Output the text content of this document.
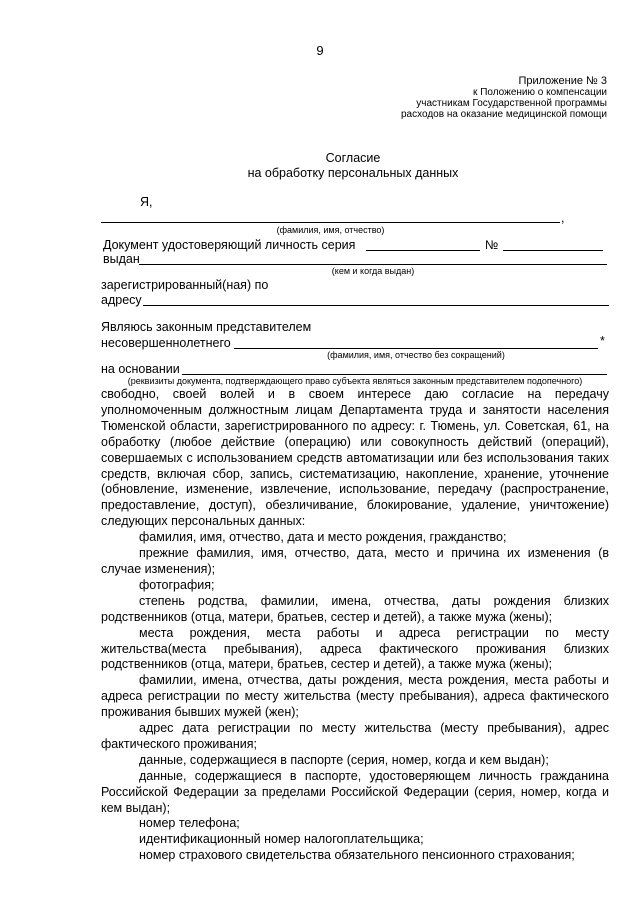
9
Приложение № 3
к Положению о компенсации
участникам Государственной программы
расходов на оказание медицинской помощи
Согласие
на обработку персональных данных
Я,
,
(фамилия, имя, отчество)
Документ удостоверяющий личность серия	№
выдан
(кем и когда выдан)
зарегистрированный(ная) по
адресу
Являюсь законным представителем
несовершеннолетнего	*
(фамилия, имя, отчество без сокращений)
на основании
(реквизиты документа, подтверждающего право субъекта являться законным представителем подопечного)

свободно, своей волей и в своем интересе даю согласие на передачу уполномоченным должностным лицам Департамента труда и занятости населения Тюменской области, зарегистрированного по адресу: г. Тюмень, ул. Советская, 61, на обработку (любое действие (операцию) или совокупность действий (операций), совершаемых с использованием средств автоматизации или без использования таких средств, включая сбор, запись, систематизацию, накопление, хранение, уточнение (обновление, изменение, извлечение, использование, передачу (распространение, предоставление, доступ), обезличивание, блокирование, удаление, уничтожение) следующих персональных данных:

фамилия, имя, отчество, дата и место рождения, гражданство;

прежние фамилия, имя, отчество, дата, место и причина их изменения (в случае изменения);

фотография;

степень родства, фамилии, имена, отчества, даты рождения близких родственников (отца, матери, братьев, сестер и детей), а также мужа (жены);

места рождения, места работы и адреса регистрации по месту жительства(места пребывания), адреса фактического проживания близких родственников (отца, матери, братьев, сестер и детей), а также мужа (жены);

фамилии, имена, отчества, даты рождения, места рождения, места работы и адреса регистрации по месту жительства (месту пребывания), адреса фактического проживания бывших мужей (жен);

адрес дата регистрации по месту жительства (месту пребывания), адрес фактического проживания;

данные, содержащиеся в паспорте (серия, номер, когда и кем выдан);

данные, содержащиеся в паспорте, удостоверяющем личность гражданина Российской Федерации за пределами Российской Федерации (серия, номер, когда и кем выдан);

номер телефона;

идентификационный номер налогоплательщика;

номер страхового свидетельства обязательного пенсионного страхования;
